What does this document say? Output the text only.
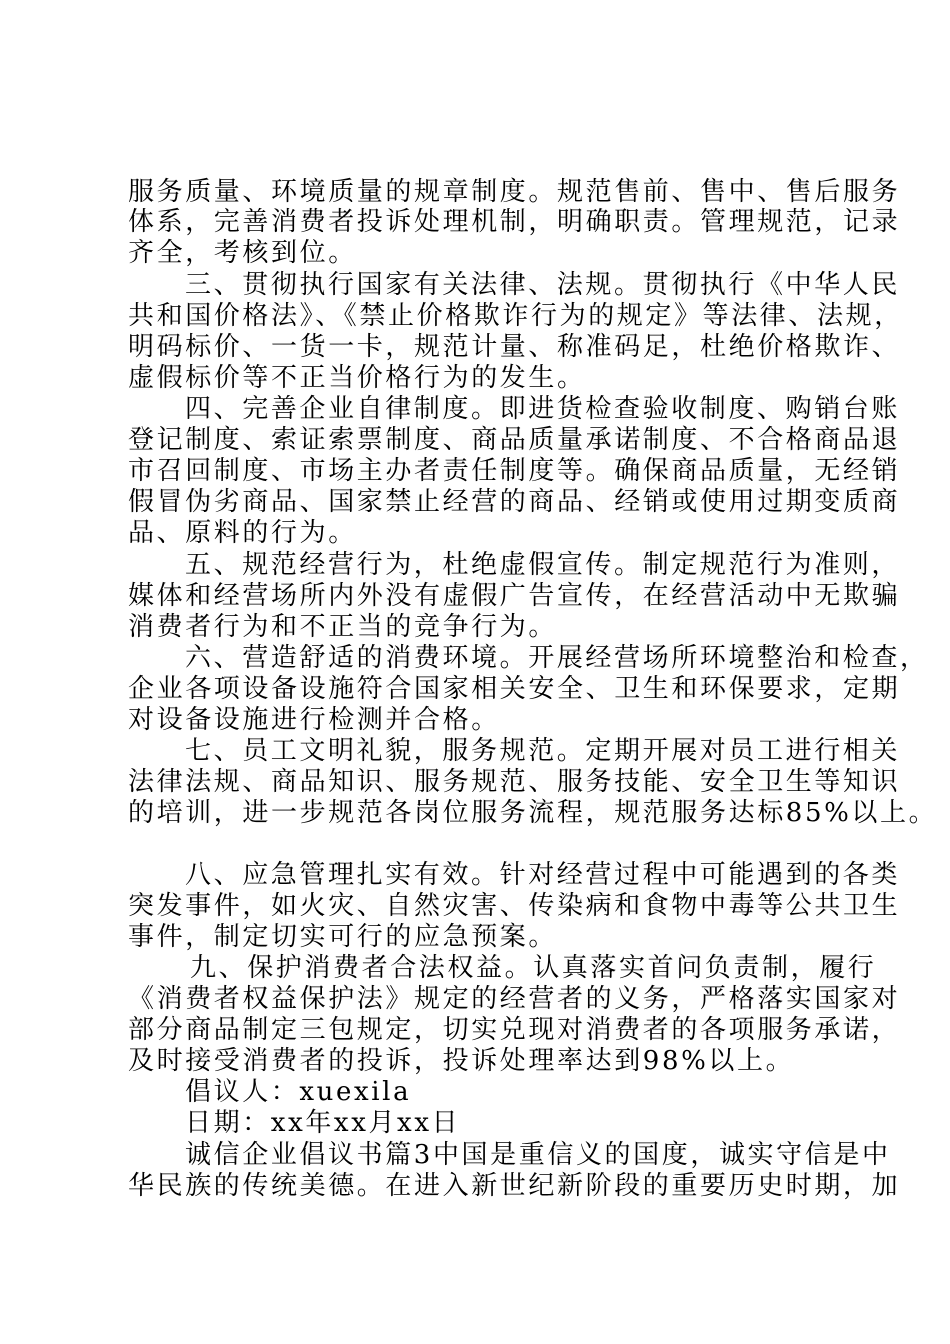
服务质量、环境质量的规章制度。规范售前、售中、售后服务
体系，完善消费者投诉处理机制，明确职责。管理规范，记录
齐全，考核到位。
三、贯彻执行国家有关法律、法规。贯彻执行《中华人民
共和国价格法》、《禁止价格欺诈行为的规定》等法律、法规，
明码标价、一货一卡，规范计量、称准码足，杜绝价格欺诈、
虚假标价等不正当价格行为的发生。
四、完善企业自律制度。即进货检查验收制度、购销台账
登记制度、索证索票制度、商品质量承诺制度、不合格商品退
市召回制度、市场主办者责任制度等。确保商品质量，无经销
假冒伪劣商品、国家禁止经营的商品、经销或使用过期变质商
品、原料的行为。
五、规范经营行为，杜绝虚假宣传。制定规范行为准则，
媒体和经营场所内外没有虚假广告宣传，在经营活动中无欺骗
消费者行为和不正当的竞争行为。
六、营造舒适的消费环境。开展经营场所环境整治和检查，
企业各项设备设施符合国家相关安全、卫生和环保要求，定期
对设备设施进行检测并合格。
七、员工文明礼貌，服务规范。定期开展对员工进行相关
法律法规、商品知识、服务规范、服务技能、安全卫生等知识
的培训，进一步规范各岗位服务流程，规范服务达标85%以上。
八、应急管理扎实有效。针对经营过程中可能遇到的各类
突发事件，如火灾、自然灾害、传染病和食物中毒等公共卫生
事件，制定切实可行的应急预案。
九、保护消费者合法权益。认真落实首问负责制，履行
《消费者权益保护法》规定的经营者的义务，严格落实国家对
部分商品制定三包规定，切实兑现对消费者的各项服务承诺，
及时接受消费者的投诉，投诉处理率达到98%以上。
倡议人：xuexila
日期：xx年xx月xx日
诚信企业倡议书篇3中国是重信义的国度，诚实守信是中
华民族的传统美德。在进入新世纪新阶段的重要历史时期，加
